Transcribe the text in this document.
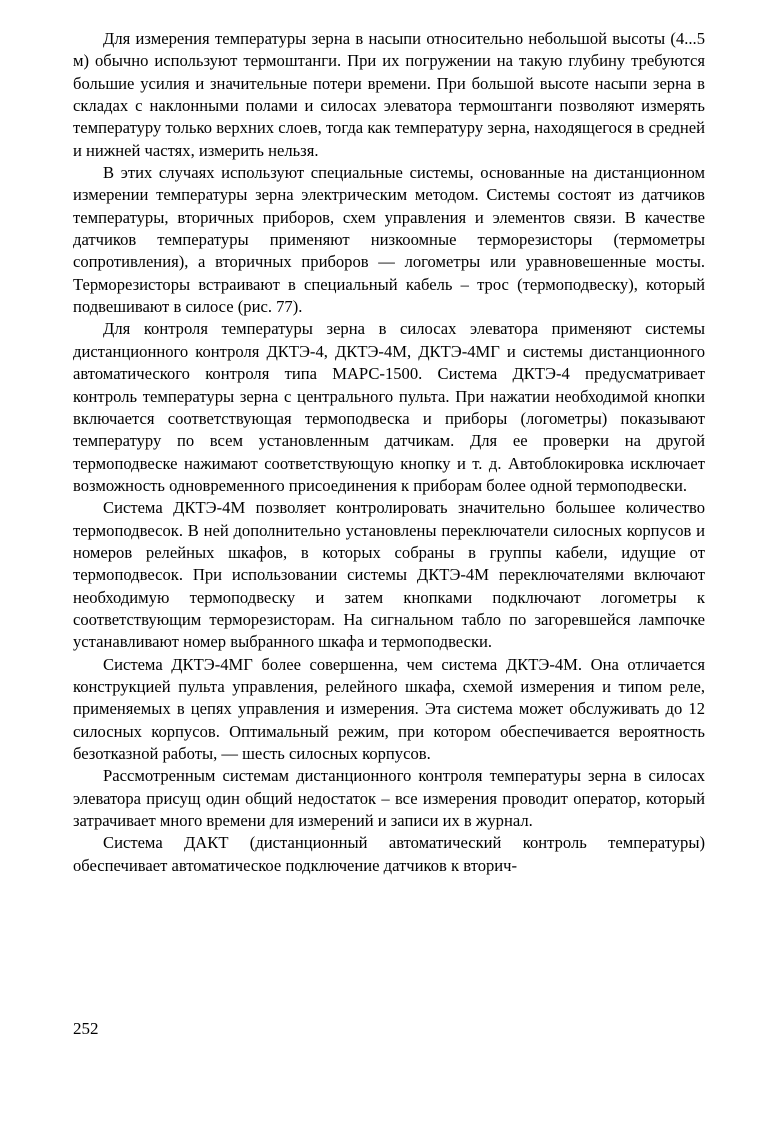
Для измерения температуры зерна в насыпи относительно небольшой высоты (4...5 м) обычно используют термоштанги. При их погружении на такую глубину требуются большие усилия и значительные потери времени. При большой высоте насыпи зерна в складах с наклонными полами и силосах элеватора термоштанги позволяют измерять температуру только верхних слоев, тогда как температуру зерна, находящегося в средней и нижней частях, измерить нельзя.

В этих случаях используют специальные системы, основанные на дистанционном измерении температуры зерна электрическим методом. Системы состоят из датчиков температуры, вторичных приборов, схем управления и элементов связи. В качестве датчиков температуры применяют низкоомные терморезисторы (термометры сопротивления), а вторичных приборов — логометры или уравновешенные мосты. Терморезисторы встраивают в специальный кабель – трос (термоподвеску), который подвешивают в силосе (рис. 77).

Для контроля температуры зерна в силосах элеватора применяют системы дистанционного контроля ДКТЭ-4, ДКТЭ-4М, ДКТЭ-4МГ и системы дистанционного автоматического контроля типа МАРС-1500. Система ДКТЭ-4 предусматривает контроль температуры зерна с центрального пульта. При нажатии необходимой кнопки включается соответствующая термоподвеска и приборы (логометры) показывают температуру по всем установленным датчикам. Для ее проверки на другой термоподвеске нажимают соответствующую кнопку и т. д. Автоблокировка исключает возможность одновременного присоединения к приборам более одной термоподвески.

Система ДКТЭ-4М позволяет контролировать значительно большее количество термоподвесок. В ней дополнительно установлены переключатели силосных корпусов и номеров релейных шкафов, в которых собраны в группы кабели, идущие от термоподвесок. При использовании системы ДКТЭ-4М переключателями включают необходимую термоподвеску и затем кнопками подключают логометры к соответствующим терморезисторам. На сигнальном табло по загоревшейся лампочке устанавливают номер выбранного шкафа и термоподвески.

Система ДКТЭ-4МГ более совершенна, чем система ДКТЭ-4М. Она отличается конструкцией пульта управления, релейного шкафа, схемой измерения и типом реле, применяемых в цепях управления и измерения. Эта система может обслуживать до 12 силосных корпусов. Оптимальный режим, при котором обеспечивается вероятность безотказной работы, — шесть силосных корпусов.

Рассмотренным системам дистанционного контроля температуры зерна в силосах элеватора присущ один общий недостаток – все измерения проводит оператор, который затрачивает много времени для измерений и записи их в журнал.

Система ДАКТ (дистанционный автоматический контроль температуры) обеспечивает автоматическое подключение датчиков к вторич-

252
